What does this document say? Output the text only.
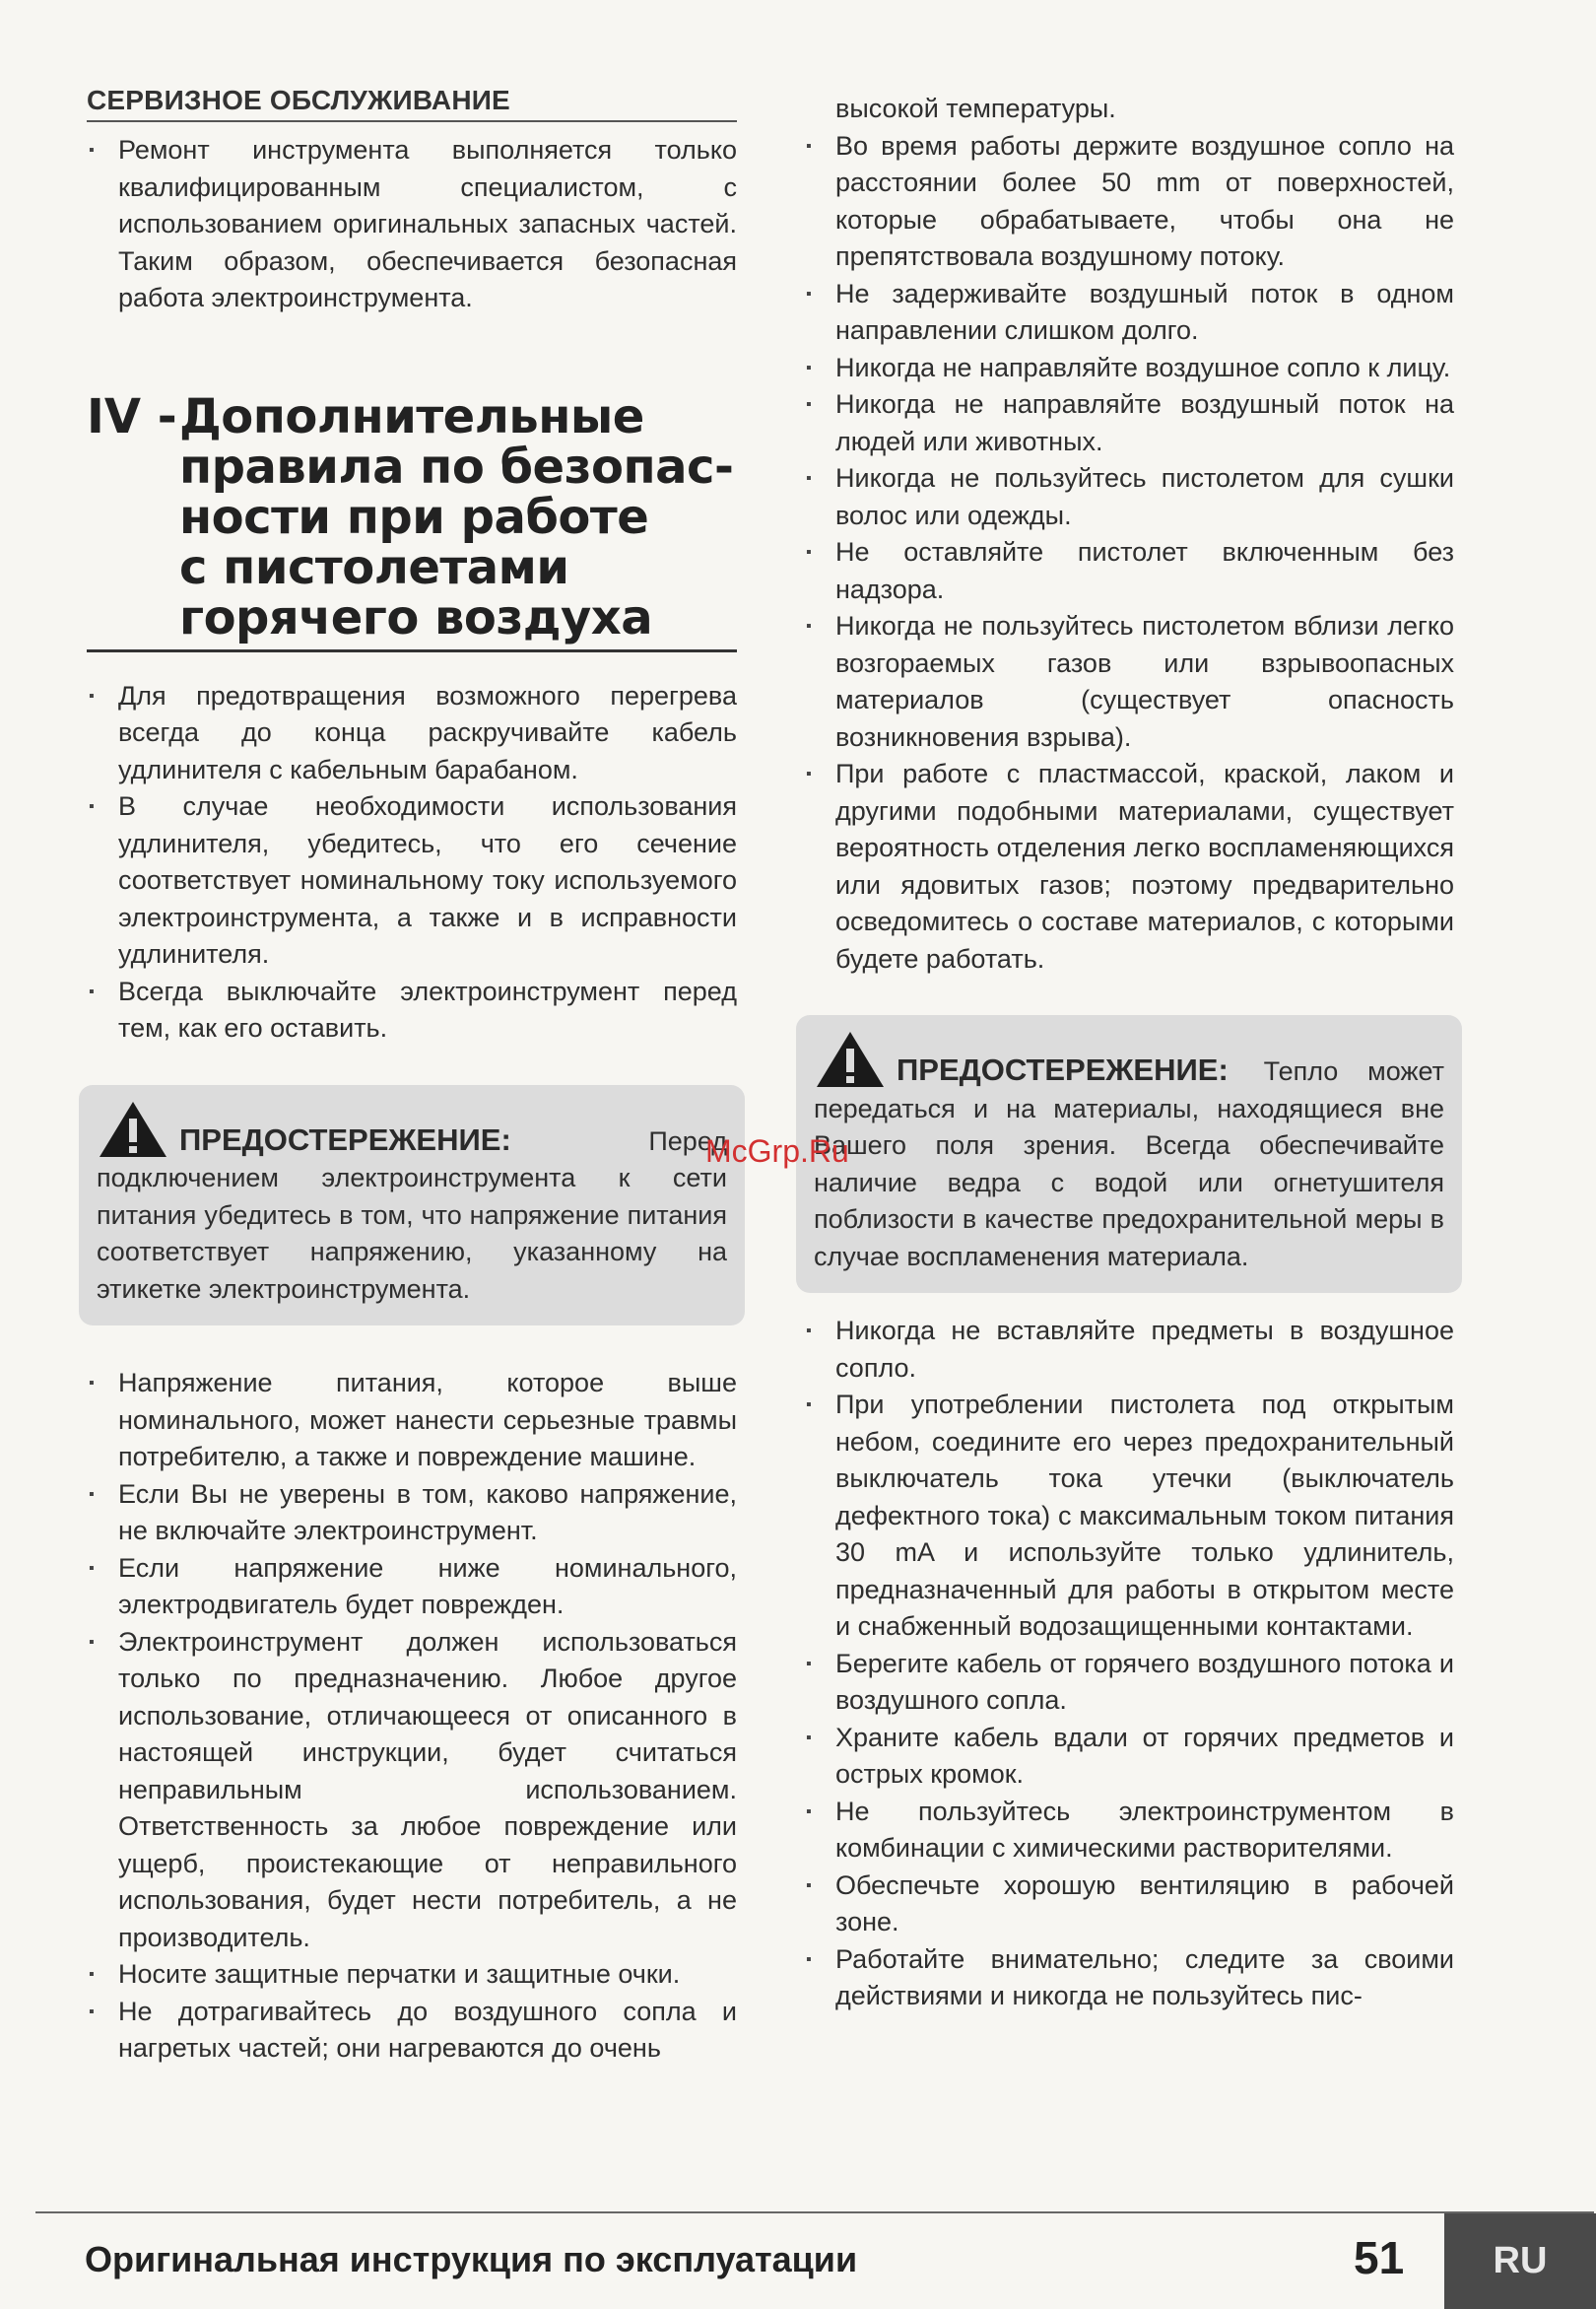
СЕРВИЗНОЕ ОБСЛУЖИВАНИЕ
▪ Ремонт инструмента выполняется только квалифицированным специалистом, с использованием оригинальных запасных частей. Таким образом, обеспечивается безопасная работа электроинструмента.
IV - Дополнительные
правила по безопас-
ности при работе
с пистолетами
горячего воздуха
▪ Для предотвращения возможного перегрева всегда до конца раскручивайте кабель удлинителя с кабельным барабаном.
▪ В случае необходимости использования удлинителя, убедитесь, что его сечение соответствует номинальному току используемого электроинструмента, а также и в исправности удлинителя.
▪ Всегда выключайте электроинструмент перед тем, как его оставить.
ПРЕДОСТЕРЕЖЕНИЕ:	Перед подключением электроинструмента к сети питания убедитесь в том, что напряжение питания соответствует напряжению, указанному на этикетке электроинструмента.
▪ Напряжение питания, которое выше номинального, может нанести серьезные травмы потребителю, а также и повреждение машине.
▪ Если Вы не уверены в том, каково напряжение, не включайте электроинструмент.
▪ Если напряжение ниже номинального, электродвигатель будет поврежден.
▪ Электроинструмент должен использоваться только по предназначению. Любое другое использование, отличающееся от описанного в настоящей инструкции, будет считаться неправильным использованием. Ответственность за любое повреждение или ущерб, проистекающие от неправильного использования, будет нести потребитель, а не производитель.
▪ Носите защитные перчатки и защитные очки.
▪ Не дотрагивайтесь до воздушного сопла и нагретых частей; они нагреваются до очень
высокой температуры.
▪ Во время работы держите воздушное сопло на расстоянии более 50 mm от поверхностей, которые обрабатываете, чтобы она не препятствовала воздушному потоку.
▪ Не задерживайте воздушный поток в одном направлении слишком долго.
▪ Никогда не направляйте воздушное сопло к лицу.
▪ Никогда не направляйте воздушный поток на людей или животных.
▪ Никогда не пользуйтесь пистолетом для сушки волос или одежды.
▪ Не оставляйте пистолет включенным без надзора.
▪ Никогда не пользуйтесь пистолетом вблизи легко возгораемых газов или взрывоопасных материалов (существует опасность возникновения взрыва).
▪ При работе с пластмассой, краской, лаком и другими подобными материалами, существует вероятность отделения легко воспламеняющихся или ядовитых газов; поэтому предварительно осведомитесь о составе материалов, с которыми будете работать.
ПРЕДОСТЕРЕЖЕНИЕ: Тепло может передаться и на материалы, находящиеся вне Вашего поля зрения. Всегда обеспечивайте наличие ведра с водой или огнетушителя поблизости в качестве предохранительной меры в случае воспламенения материала.
▪ Никогда не вставляйте предметы в воздушное сопло.
▪ При употреблении пистолета под открытым небом, соедините его через предохранительный выключатель тока утечки (выключатель дефектного тока) с максимальным током питания 30 mA и используйте только удлинитель, предназначенный для работы в открытом месте и снабженный водозащищенными контактами.
▪ Берегите кабель от горячего воздушного потока и воздушного сопла.
▪ Храните кабель вдали от горячих предметов и острых кромок.
▪ Не пользуйтесь электроинструментом в комбинации с химическими растворителями.
▪ Обеспечьте хорошую вентиляцию в рабочей зоне.
▪ Работайте внимательно; следите за своими действиями и никогда не пользуйтесь пис-
McGrp.Ru
Оригинальная инструкция по эксплуатации	51 RU
